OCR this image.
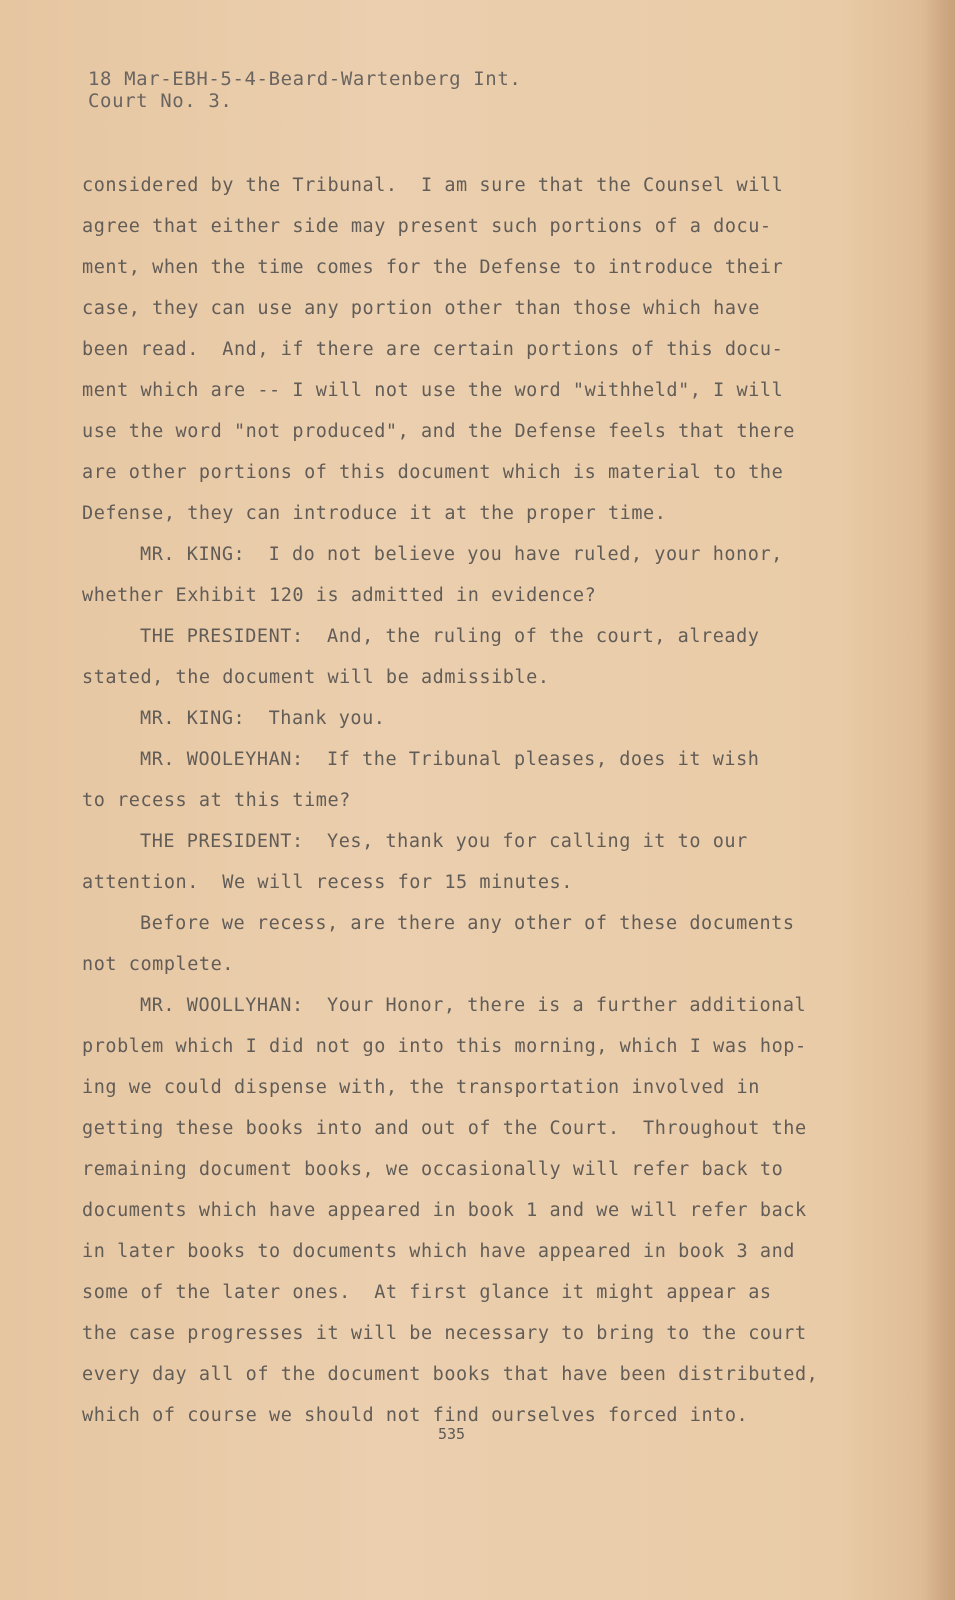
18 Mar-EBH-5-4-Beard-Wartenberg Int.
Court No. 3.
considered by the Tribunal.  I am sure that the Counsel will
agree that either side may present such portions of a docu-
ment, when the time comes for the Defense to introduce their
case, they can use any portion other than those which have
been read.  And, if there are certain portions of this docu-
ment which are -- I will not use the word "withheld", I will
use the word "not produced", and the Defense feels that there
are other portions of this document which is material to the
Defense, they can introduce it at the proper time.
MR. KING:  I do not believe you have ruled, your honor,
whether Exhibit 120 is admitted in evidence?
THE PRESIDENT:  And, the ruling of the court, already
stated, the document will be admissible.
MR. KING:  Thank you.
MR. WOOLEYHAN:  If the Tribunal pleases, does it wish
to recess at this time?
THE PRESIDENT:  Yes, thank you for calling it to our
attention.  We will recess for 15 minutes.
Before we recess, are there any other of these documents
not complete.
MR. WOOLLYHAN:  Your Honor, there is a further additional
problem which I did not go into this morning, which I was hop-
ing we could dispense with, the transportation involved in
getting these books into and out of the Court.  Throughout the
remaining document books, we occasionally will refer back to
documents which have appeared in book 1 and we will refer back
in later books to documents which have appeared in book 3 and
some of the later ones.  At first glance it might appear as
the case progresses it will be necessary to bring to the court
every day all of the document books that have been distributed,
which of course we should not find ourselves forced into.
535
